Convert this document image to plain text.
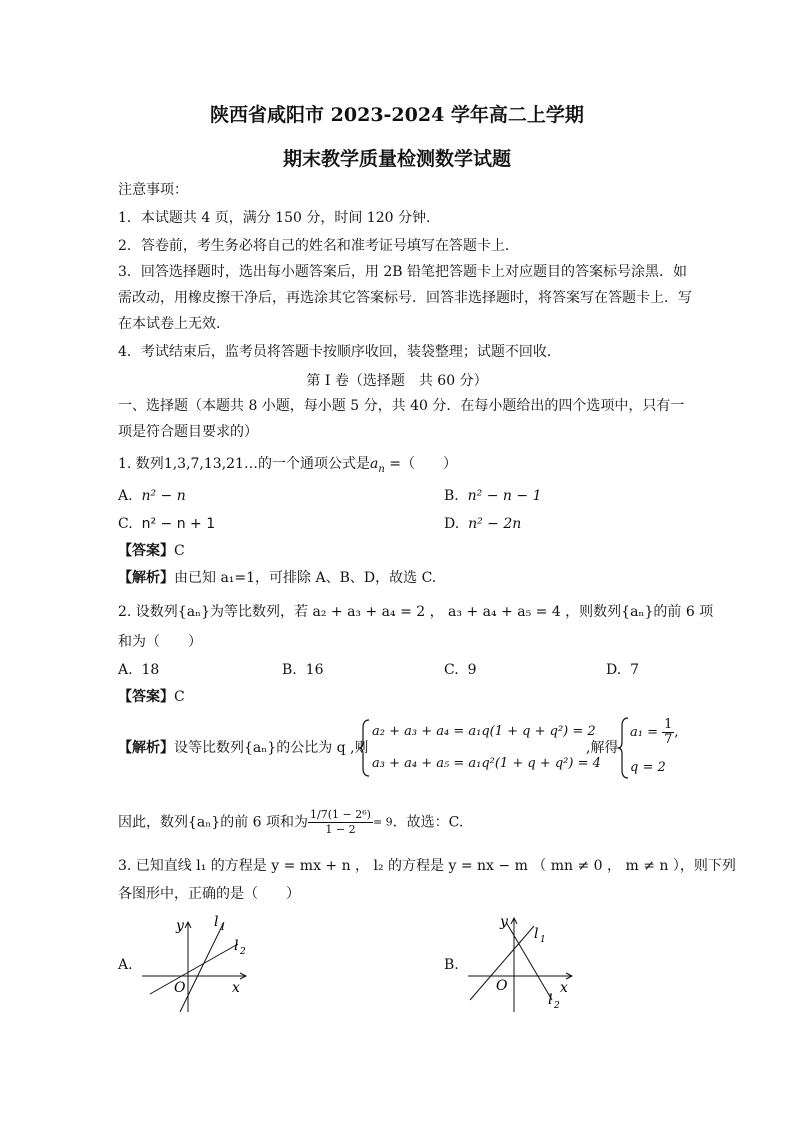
陕西省咸阳市 2023-2024 学年高二上学期
期末教学质量检测数学试题
注意事项：
1．本试题共 4 页，满分 150 分，时间 120 分钟．
2．答卷前，考生务必将自己的姓名和准考证号填写在答题卡上．
3．回答选择题时，选出每小题答案后，用 2B 铅笔把答题卡上对应题目的答案标号涂黑．如
需改动，用橡皮擦干净后，再选涂其它答案标号．回答非选择题时，将答案写在答题卡上．写
在本试卷上无效．
4．考试结束后，监考员将答题卡按顺序收回，装袋整理；试题不回收．
第 I 卷（选择题　共 60 分）
一、选择题（本题共 8 小题，每小题 5 分，共 40 分．在每小题给出的四个选项中，只有一
项是符合题目要求的）
1. 数列1,3,7,13,21…的一个通项公式是$a_n$ =（　　）
A. n² − n	B. n² − n − 1
C. n² − n + 1	D. n² − 2n
【答案】C
【解析】由已知 a₁=1，可排除 A、B、D，故选 C.
2. 设数列{aₙ}为等比数列，若 a₂ + a₃ + a₄ = 2 ， a₃ + a₄ + a₅ = 4 ，则数列{aₙ}的前 6 项
和为（　　）
A. 18	B. 16	C. 9	D. 7
【答案】C
【解析】设等比数列{aₙ}的公比为 q ,则
a₂ + a₃ + a₄ = a₁q(1 + q + q²) = 2
a₃ + a₄ + a₅ = a₁q²(1 + q + q²) = 4
,解得
$a_1 = \frac{1}{7}$ ,
q = 2
因此，数列{aₙ}的前 6 项和为 $\frac{\text{1/7(1 − 2⁶)}}{1 - 2} = 9$．故选：C.
3. 已知直线 l₁ 的方程是 y = mx + n ， l₂ 的方程是 y = nx − m （ mn ≠ 0 ， m ≠ n ），则下列
各图形中，正确的是（　　）
A.
y
x
O
l 1
l 2
B.
y
x
O
l 1
l 2
